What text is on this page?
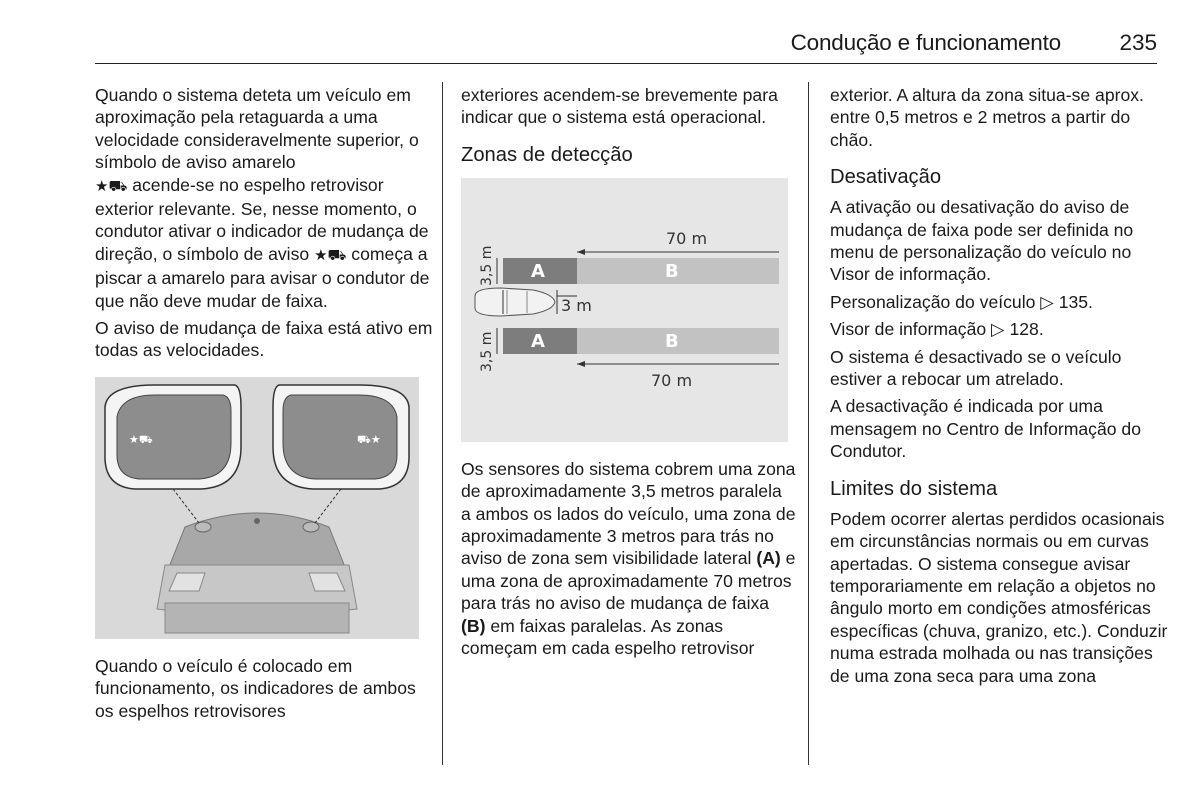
Condução e funcionamento	235

Quando o sistema deteta um veículo em aproximação pela retaguarda a uma velocidade consideravelmente superior, o símbolo de aviso amarelo
★⛟ acende-se no espelho retrovisor exterior relevante. Se, nesse momento, o condutor ativar o indicador de mudança de direção, o símbolo de aviso ★⛟ começa a piscar a amarelo para avisar o condutor de que não deve mudar de faixa.

O aviso de mudança de faixa está ativo em todas as velocidades.

★⛟	⛟★

Quando o veículo é colocado em funcionamento, os indicadores de ambos os espelhos retrovisores

exteriores acendem-se brevemente para indicar que o sistema está operacional.

Zonas de detecção
70 m
A	B
3,5 m
3 m
A	B
3,5 m
70 m

Os sensores do sistema cobrem uma zona de aproximadamente 3,5 metros paralela a ambos os lados do veículo, uma zona de aproximadamente 3 metros para trás no aviso de zona sem visibilidade lateral (A) e uma zona de aproximadamente 70 metros para trás no aviso de mudança de faixa (B) em faixas paralelas. As zonas começam em cada espelho retrovisor

exterior. A altura da zona situa-se aprox. entre 0,5 metros e 2 metros a partir do chão.

Desativação

A ativação ou desativação do aviso de mudança de faixa pode ser definida no menu de personalização do veículo no Visor de informação.

Personalização do veículo ▷ 135.

Visor de informação ▷ 128.

O sistema é desactivado se o veículo estiver a rebocar um atrelado.

A desactivação é indicada por uma mensagem no Centro de Informação do Condutor.

Limites do sistema

Podem ocorrer alertas perdidos ocasionais em circunstâncias normais ou em curvas apertadas. O sistema consegue avisar temporariamente em relação a objetos no ângulo morto em condições atmosféricas específicas (chuva, granizo, etc.). Conduzir numa estrada molhada ou nas transições de uma zona seca para uma zona
